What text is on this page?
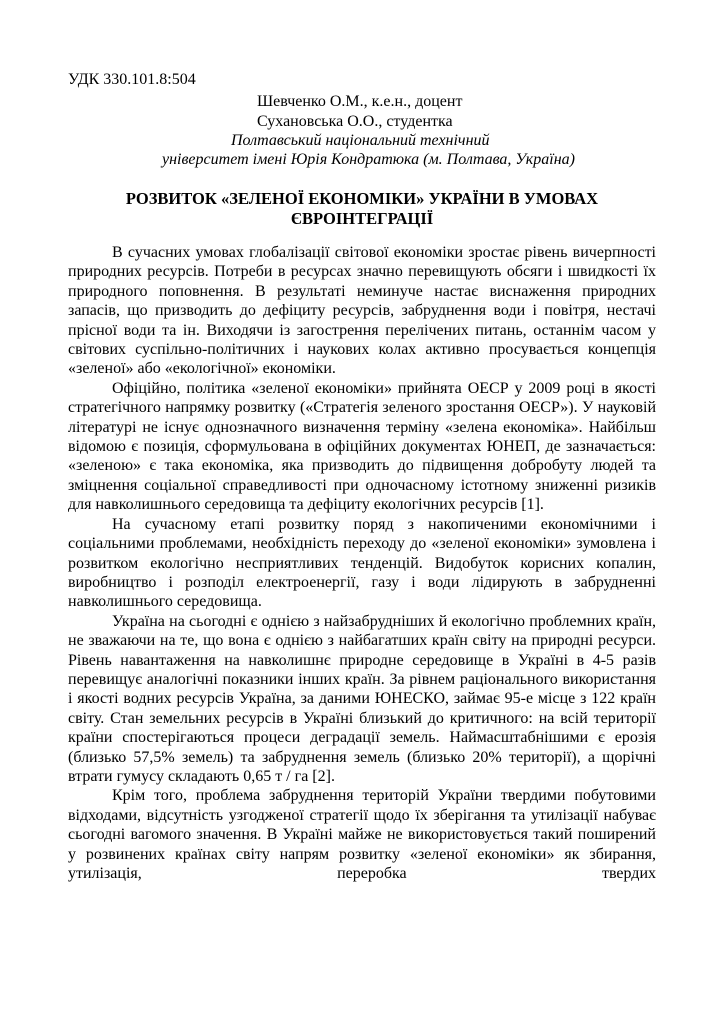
УДК 330.101.8:504

Шевченко О.М., к.е.н., доцент

Сухановська О.О., студентка

Полтавський національний технічний

університет імені Юрія Кондратюка (м. Полтава, Україна)

РОЗВИТОК «ЗЕЛЕНОЇ ЕКОНОМІКИ» УКРАЇНИ В УМОВАХ ЄВРОІНТЕГРАЦІЇ

В сучасних умовах глобалізації світової економіки зростає рівень вичерпності природних ресурсів. Потреби в ресурсах значно перевищують обсяги і швидкості їх природного поповнення. В результаті неминуче настає виснаження природних запасів, що призводить до дефіциту ресурсів, забруднення води і повітря, нестачі прісної води та ін. Виходячи із загострення перелічених питань, останнім часом у світових суспільно-політичних і наукових колах активно просувається концепція «зеленої» або «екологічної» економіки.

Офіційно, політика «зеленої економіки» прийнята ОЕСР у 2009 році в якості стратегічного напрямку розвитку («Стратегія зеленого зростання ОЕСР»). У науковій літературі не існує однозначного визначення терміну «зелена економіка». Найбільш відомою є позиція, сформульована в офіційних документах ЮНЕП, де зазначається: «зеленою» є така економіка, яка призводить до підвищення добробуту людей та зміцнення соціальної справедливості при одночасному істотному зниженні ризиків для навколишнього середовища та дефіциту екологічних ресурсів [1].

На сучасному етапі розвитку поряд з накопиченими економічними і соціальними проблемами, необхідність переходу до «зеленої економіки» зумовлена і розвитком екологічно несприятливих тенденцій. Видобуток корисних копалин, виробництво і розподіл електроенергії, газу і води лідирують в забрудненні навколишнього середовища.

Україна на сьогодні є однією з найзабрудніших й екологічно проблемних країн, не зважаючи на те, що вона є однією з найбагатших країн світу на природні ресурси. Рівень навантаження на навколишнє природне середовище в Україні в 4-5 разів перевищує аналогічні показники інших країн. За рівнем раціонального використання і якості водних ресурсів Україна, за даними ЮНЕСКО, займає 95-е місце з 122 країн світу. Стан земельних ресурсів в Україні близький до критичного: на всій території країни спостерігаються процеси деградації земель. Наймасштабнішими є ерозія (близько 57,5% земель) та забруднення земель (близько 20% території), а щорічні втрати гумусу складають 0,65 т / га [2].

Крім того, проблема забруднення територій України твердими побутовими відходами, відсутність узгодженої стратегії щодо їх зберігання та утилізації набуває сьогодні вагомого значення. В Україні майже не використовується такий поширений у розвинених країнах світу напрям розвитку «зеленої економіки» як збирання, утилізація, переробка твердих
